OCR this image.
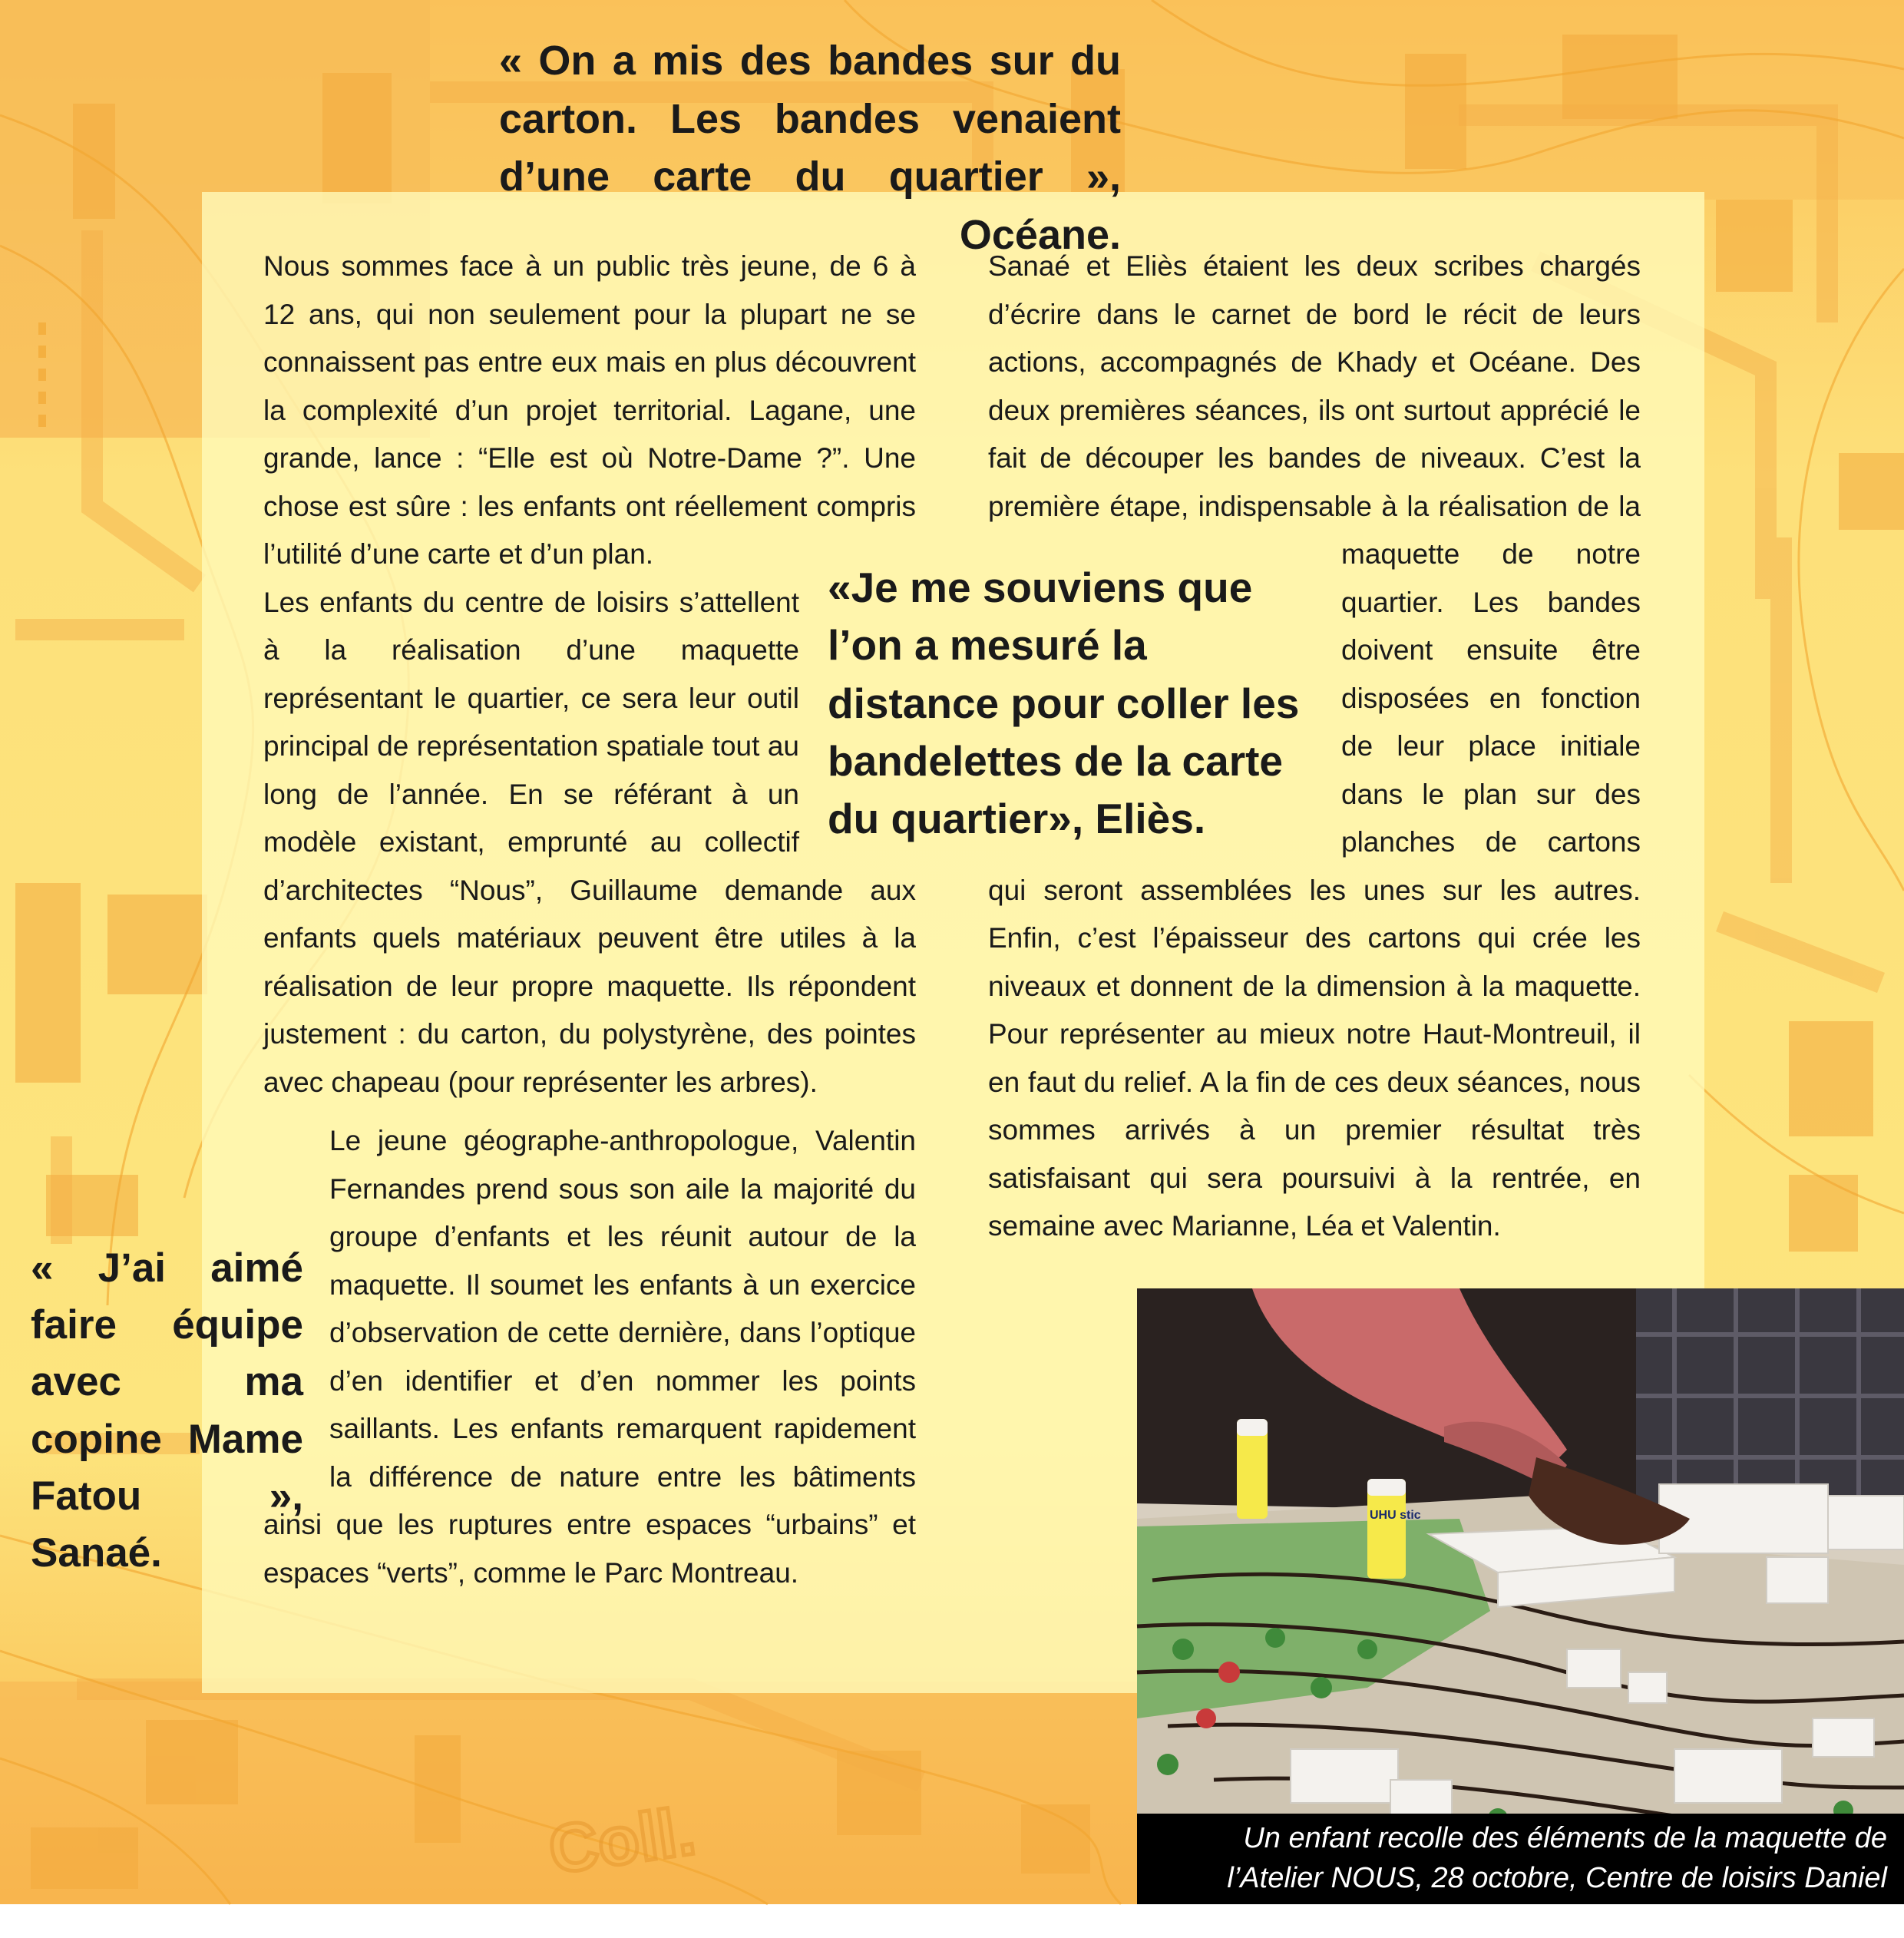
Coll.

« On a mis des bandes sur du carton. Les bandes venaient d’une carte du quartier », Océane.

«Je me souviens que l’on a mesuré la distance pour coller les bandelettes de la carte du quartier», Eliès.

« J’ai aimé faire équipe avec ma copine Mame Fatou », Sanaé.

Nous sommes face à un public très jeune, de 6 à 12 ans, qui non seulement pour la plupart ne se connaissent pas entre eux mais en plus découvrent la complexité d’un projet territorial. Lagane, une grande, lance : “Elle est où Notre-Dame ?”. Une chose est sûre : les enfants ont réellement compris l’utilité d’une carte et d’un plan.

Les enfants du centre de loisirs s’attellent à la réalisation d’une maquette représentant le quartier, ce sera leur outil principal de représentation spatiale tout au long de l’année. En se référant à un modèle existant, emprunté au collectif d’architectes “Nous”, Guillaume demande aux enfants quels matériaux peuvent être utiles à la réalisation de leur propre maquette. Ils répondent justement : du carton, du polystyrène, des pointes avec chapeau (pour représenter les arbres).

Le jeune géographe-anthropologue, Valentin Fernandes prend sous son aile la majorité du groupe d’enfants et les réunit autour de la maquette. Il soumet les enfants à un exercice d’observation de cette dernière, dans l’optique d’en identifier et d’en nommer les points saillants. Les enfants remarquent rapidement la différence de nature entre les bâtiments ainsi que les ruptures entre espaces “urbains” et espaces “verts”, comme le Parc Montreau.

Sanaé et Eliès étaient les deux scribes chargés d’écrire dans le carnet de bord le récit de leurs actions, accompagnés de Khady et Océane. Des deux premières séances, ils ont surtout apprécié le fait de découper les bandes de niveaux. C’est la première étape, indispensable à la réalisation de la maquette de notre quartier. Les bandes doivent ensuite être disposées en fonction de leur place initiale dans le plan sur des planches de cartons qui seront assemblées les unes sur les autres. Enfin, c’est l’épaisseur des cartons qui crée les niveaux et donnent de la dimension à la maquette. Pour représenter au mieux notre Haut-Montreuil, il en faut du relief. A la fin de ces deux séances, nous sommes arrivés à un premier résultat très satisfaisant qui sera poursuivi à la rentrée, en semaine avec Marianne, Léa et Valentin.

UHU stic
Un enfant recolle des éléments de la maquette de l’Atelier NOUS, 28 octobre, Centre de loisirs Daniel Renoult
